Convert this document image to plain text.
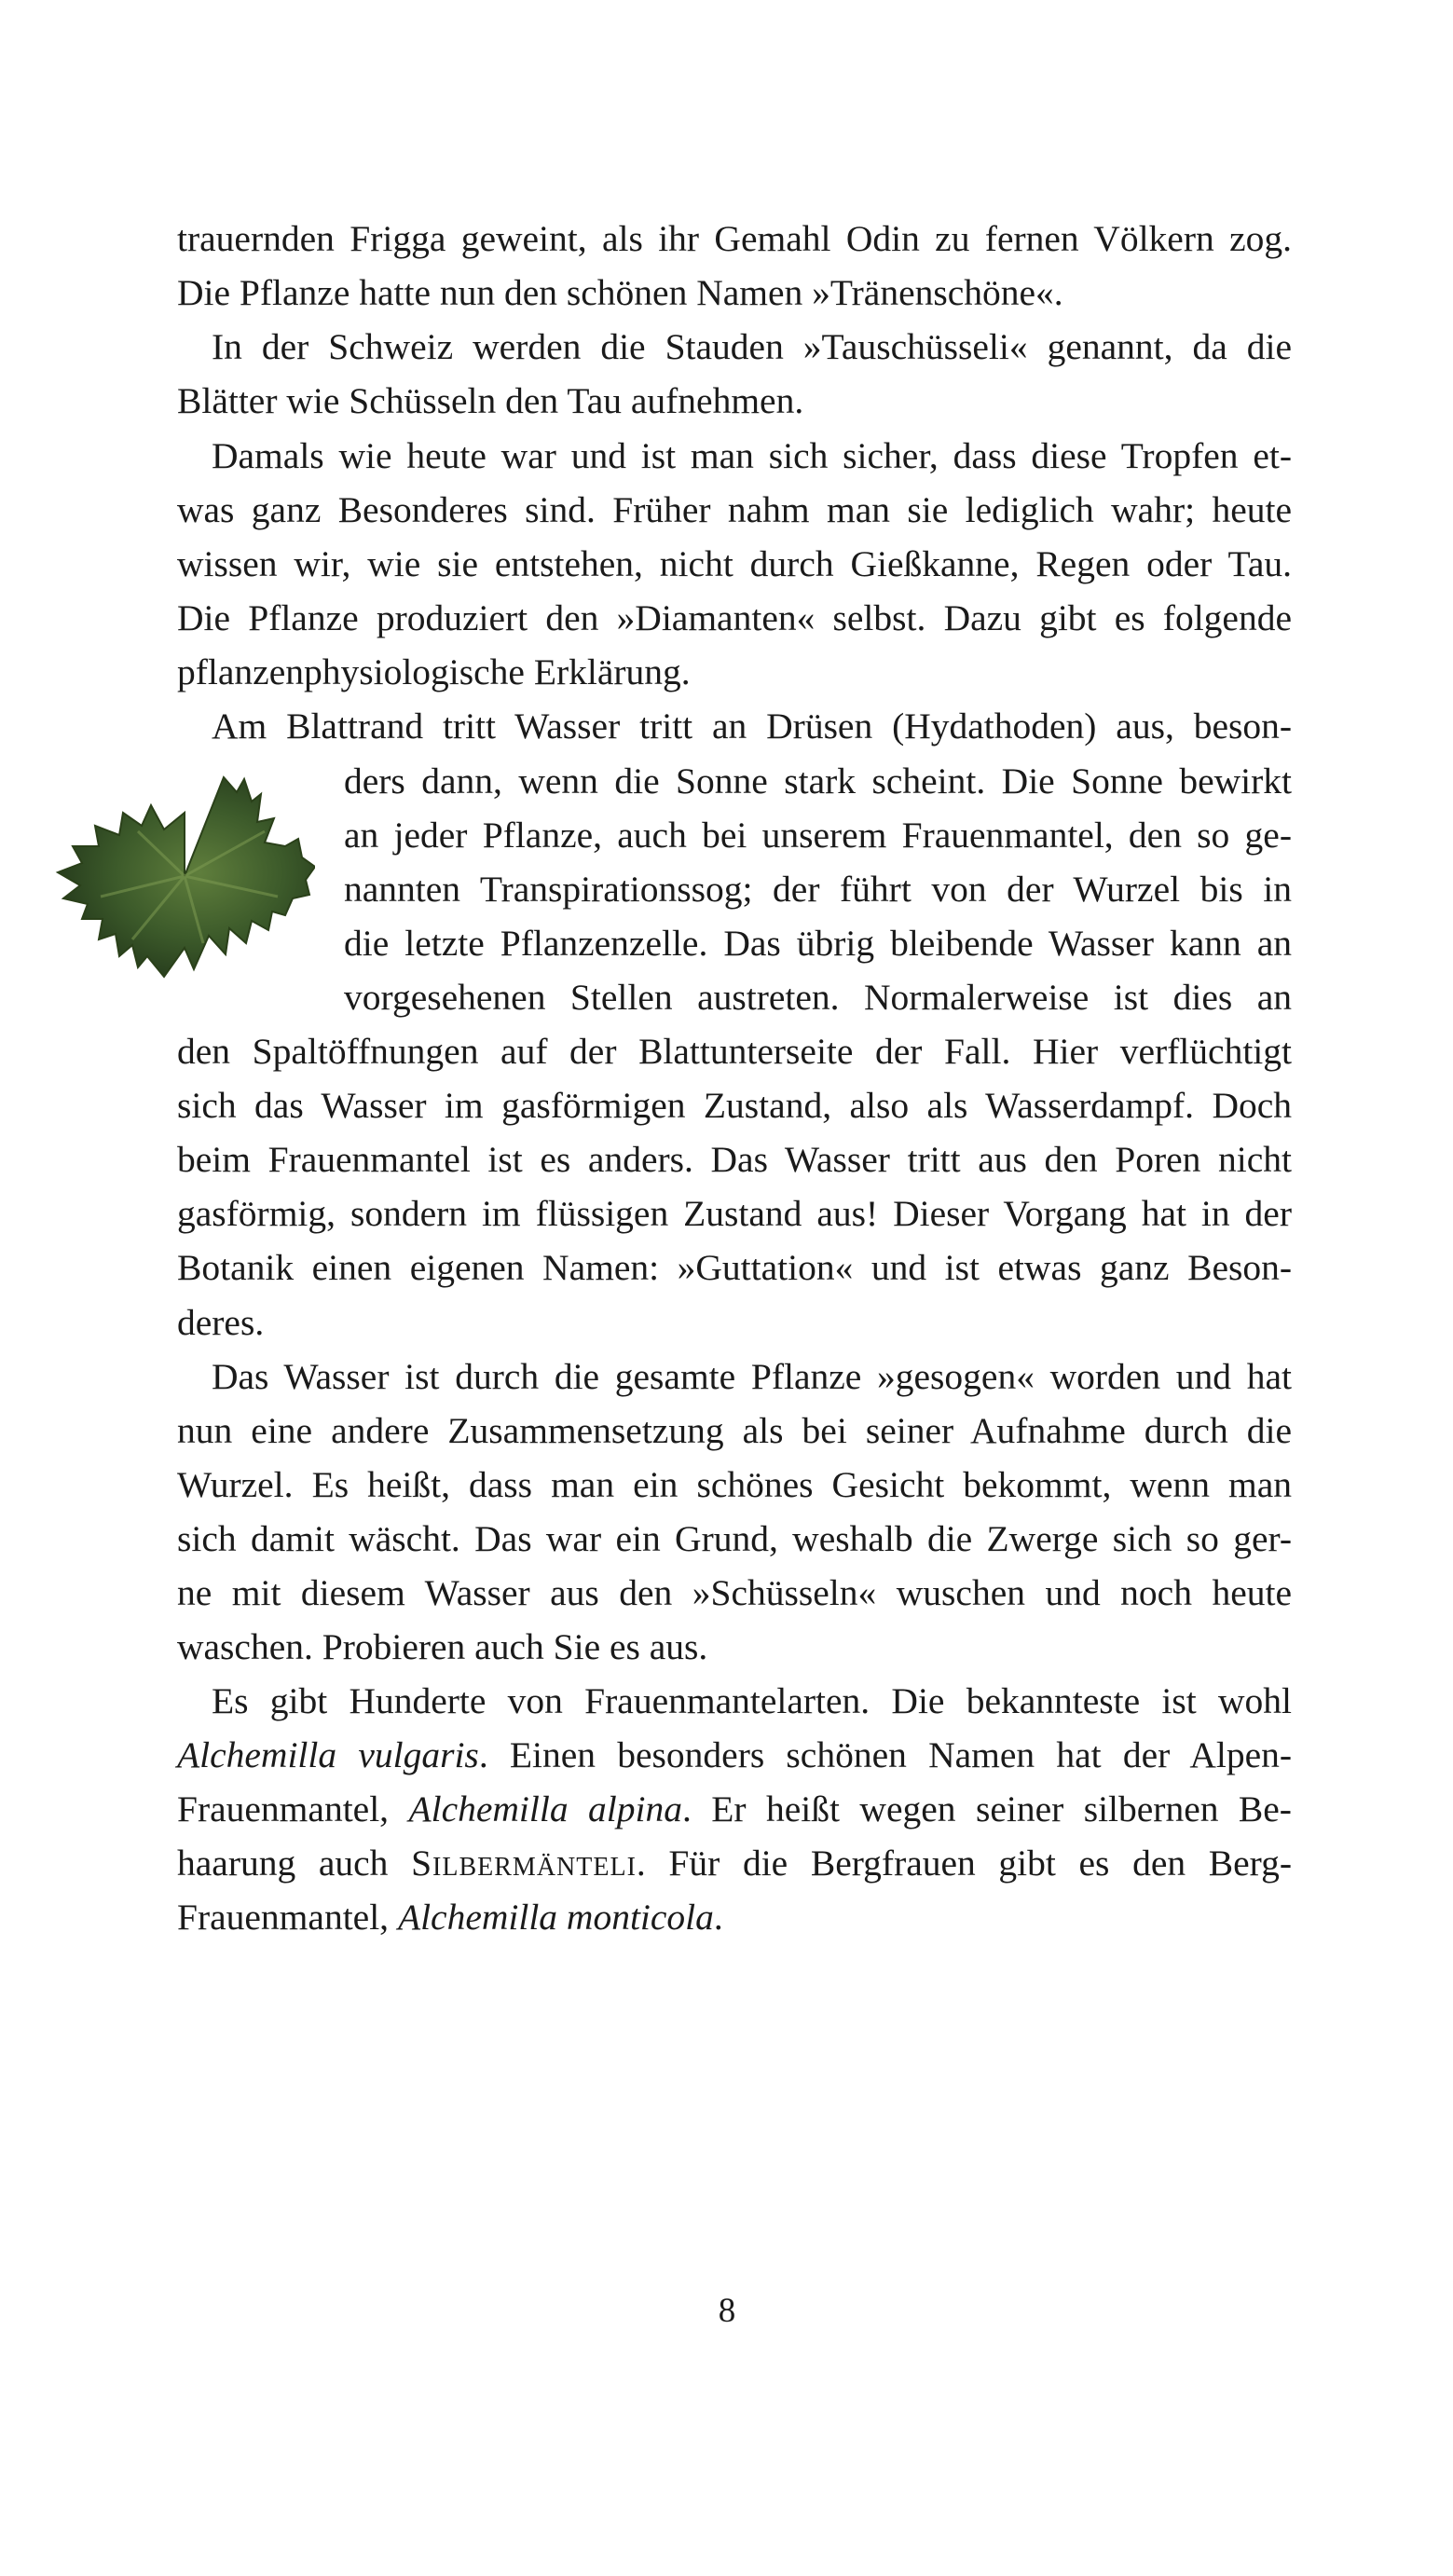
trauernden Frigga geweint, als ihr Gemahl Odin zu fernen Völkern zog.
Die Pflanze hatte nun den schönen Namen »Tränenschöne«.
In der Schweiz werden die Stauden »Tauschüsseli« genannt, da die
Blätter wie Schüsseln den Tau aufnehmen.
Damals wie heute war und ist man sich sicher, dass diese Tropfen et-
was ganz Besonderes sind. Früher nahm man sie lediglich wahr; heute
wissen wir, wie sie entstehen, nicht durch Gießkanne, Regen oder Tau.
Die Pflanze produziert den »Diamanten« selbst. Dazu gibt es folgende
pflanzenphysiologische Erklärung.
Am Blattrand tritt Wasser tritt an Drüsen (Hydathoden) aus, beson-
ders dann, wenn die Sonne stark scheint. Die Sonne bewirkt
an jeder Pflanze, auch bei unserem Frauenmantel, den so ge-
nannten Transpirationssog; der führt von der Wurzel bis in
die letzte Pflanzenzelle. Das übrig bleibende Wasser kann an
vorgesehenen Stellen austreten. Normalerweise ist dies an
den Spaltöffnungen auf der Blattunterseite der Fall. Hier verflüchtigt
sich das Wasser im gasförmigen Zustand, also als Wasserdampf. Doch
beim Frauenmantel ist es anders. Das Wasser tritt aus den Poren nicht
gasförmig, sondern im flüssigen Zustand aus! Dieser Vorgang hat in der
Botanik einen eigenen Namen: »Guttation« und ist etwas ganz Beson-
deres.
Das Wasser ist durch die gesamte Pflanze »gesogen« worden und hat
nun eine andere Zusammensetzung als bei seiner Aufnahme durch die
Wurzel. Es heißt, dass man ein schönes Gesicht bekommt, wenn man
sich damit wäscht. Das war ein Grund, weshalb die Zwerge sich so ger-
ne mit diesem Wasser aus den »Schüsseln« wuschen und noch heute
waschen. Probieren auch Sie es aus.
Es gibt Hunderte von Frauenmantelarten. Die bekannteste ist wohl
Alchemilla vulgaris. Einen besonders schönen Namen hat der Alpen-
Frauenmantel, Alchemilla alpina. Er heißt wegen seiner silbernen Be-
haarung auch Silbermänteli. Für die Bergfrauen gibt es den Berg-
Frauenmantel, Alchemilla monticola.
8
